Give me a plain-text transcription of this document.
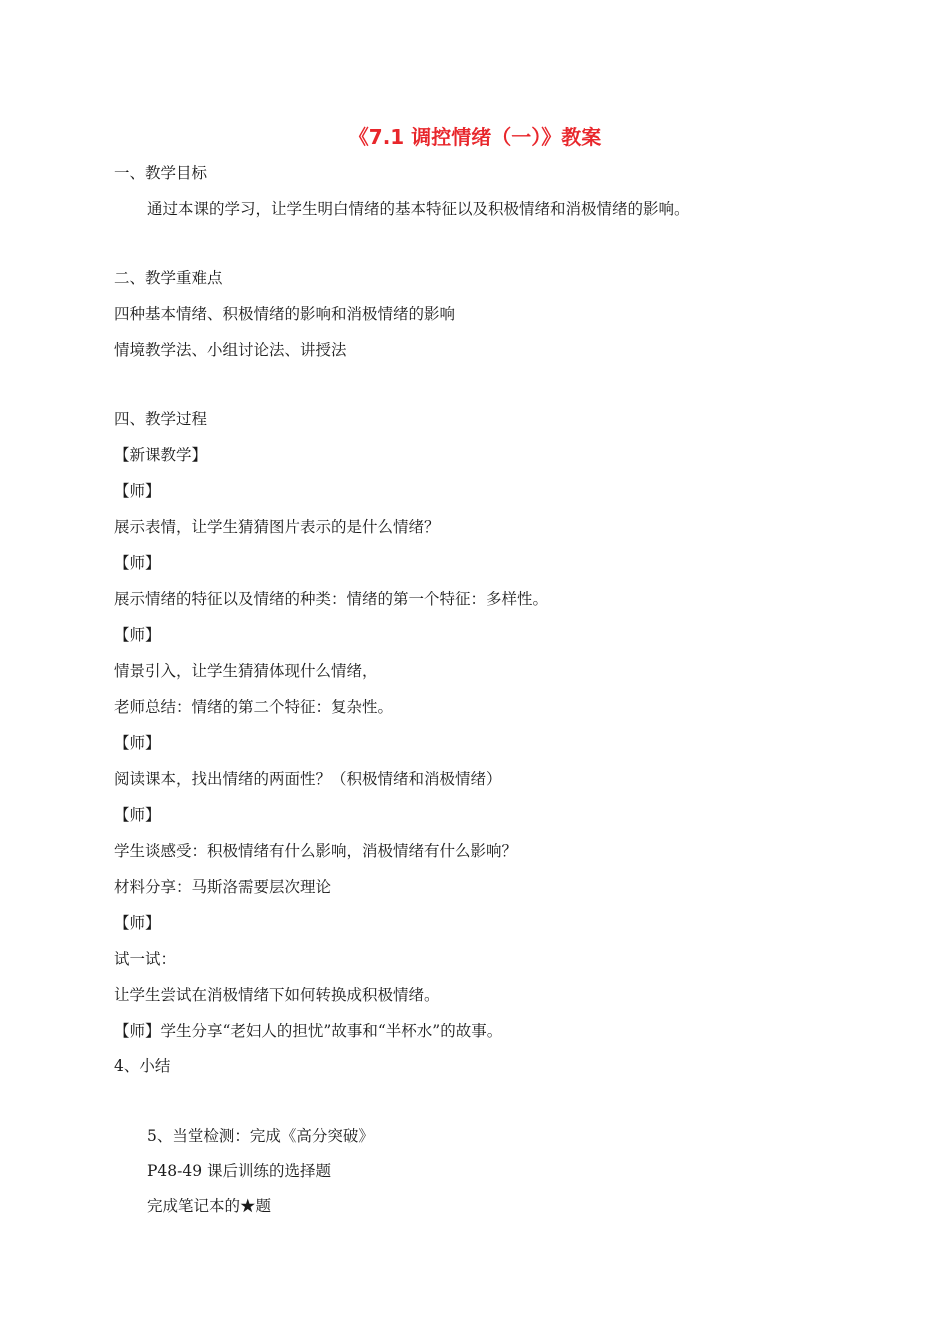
《7.1 调控情绪（一）》教案
一、教学目标
通过本课的学习，让学生明白情绪的基本特征以及积极情绪和消极情绪的影响。
二、教学重难点
四种基本情绪、积极情绪的影响和消极情绪的影响
情境教学法、小组讨论法、讲授法
四、教学过程
【新课教学】
【师】
展示表情，让学生猜猜图片表示的是什么情绪？
【师】
展示情绪的特征以及情绪的种类：情绪的第一个特征：多样性。
【师】
情景引入，让学生猜猜体现什么情绪，
老师总结：情绪的第二个特征：复杂性。
【师】
阅读课本，找出情绪的两面性？（积极情绪和消极情绪）
【师】
学生谈感受：积极情绪有什么影响，消极情绪有什么影响？
材料分享：马斯洛需要层次理论
【师】
试一试：
让学生尝试在消极情绪下如何转换成积极情绪。
【师】学生分享“老妇人的担忧”故事和“半杯水”的故事。
4、小结
5、当堂检测：完成《高分突破》
P48-49 课后训练的选择题
完成笔记本的★题
